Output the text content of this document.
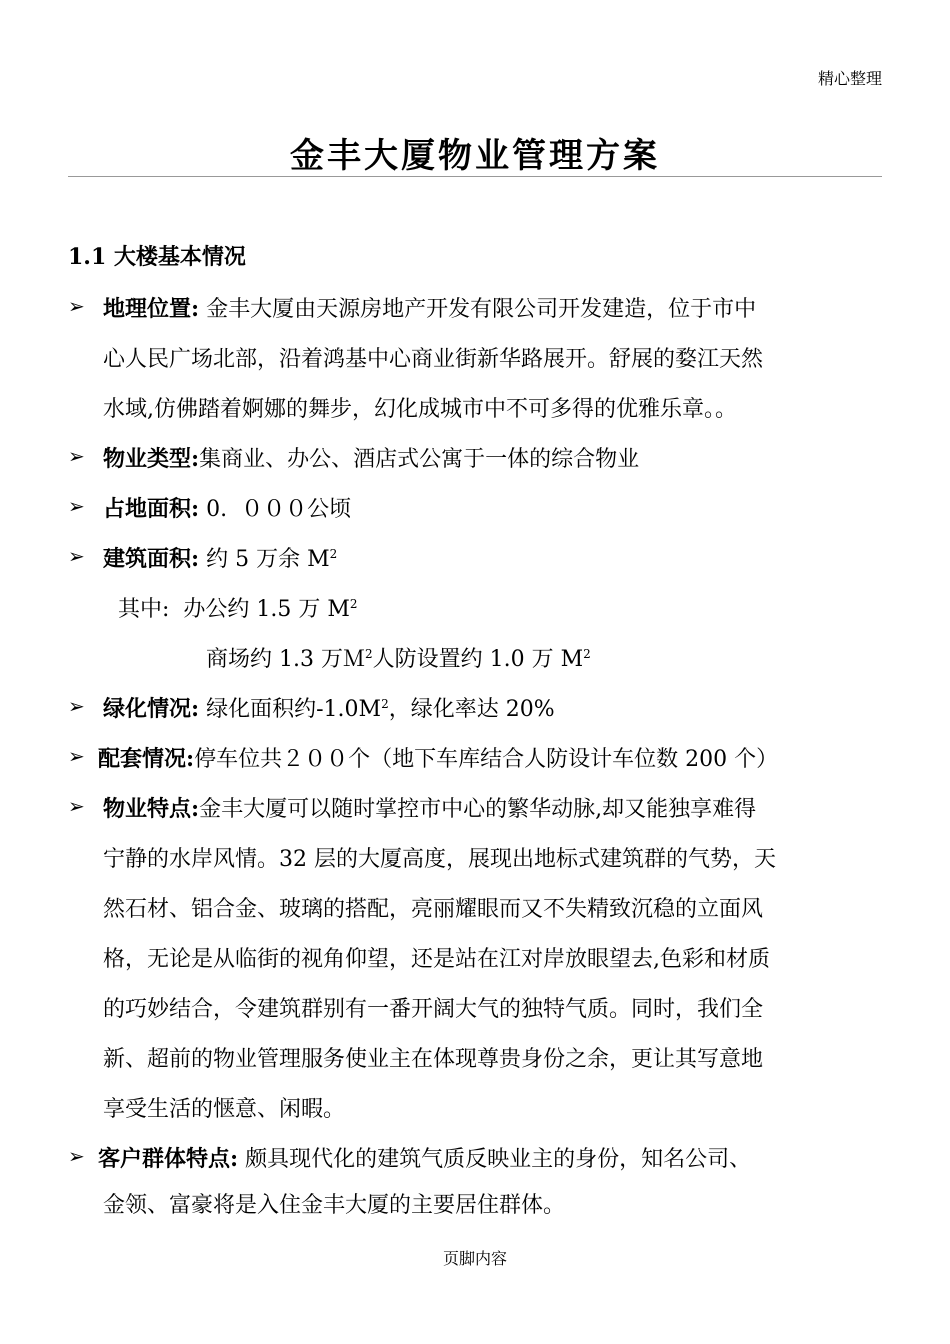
精心整理
金丰大厦物业管理方案
1.1 大楼基本情况
➢ 地理位置: 金丰大厦由天源房地产开发有限公司开发建造，位于市中
心人民广场北部，沿着鸿基中心商业街新华路展开。舒展的婺江天然
水域,仿佛踏着婀娜的舞步，幻化成城市中不可多得的优雅乐章。。
➢ 物业类型:集商业、办公、酒店式公寓于一体的综合物业
➢ 占地面积: 0.  ０００公顷
➢ 建筑面积: 约 5 万余 $M^2$
其中:  办公约 1.5 万 $M^2$
商场约 1.3 万Ｍ$^2$人防设置约 1.0 万 $M^2$
➢ 绿化情况: 绿化面积约$-1.0M^2$，绿化率达 20%
➢ 配套情况:停车位共２００个（地下车库结合人防设计车位数 200 个）
➢ 物业特点:金丰大厦可以随时掌控市中心的繁华动脉,却又能独享难得
宁静的水岸风情。32 层的大厦高度，展现出地标式建筑群的气势，天
然石材、铝合金、玻璃的搭配，亮丽耀眼而又不失精致沉稳的立面风
格，无论是从临街的视角仰望，还是站在江对岸放眼望去,色彩和材质
的巧妙结合，令建筑群别有一番开阔大气的独特气质。同时，我们全
新、超前的物业管理服务使业主在体现尊贵身份之余，更让其写意地
享受生活的惬意、闲暇。
➢ 客户群体特点: 颇具现代化的建筑气质反映业主的身份，知名公司、
金领、富豪将是入住金丰大厦的主要居住群体。
页脚内容
